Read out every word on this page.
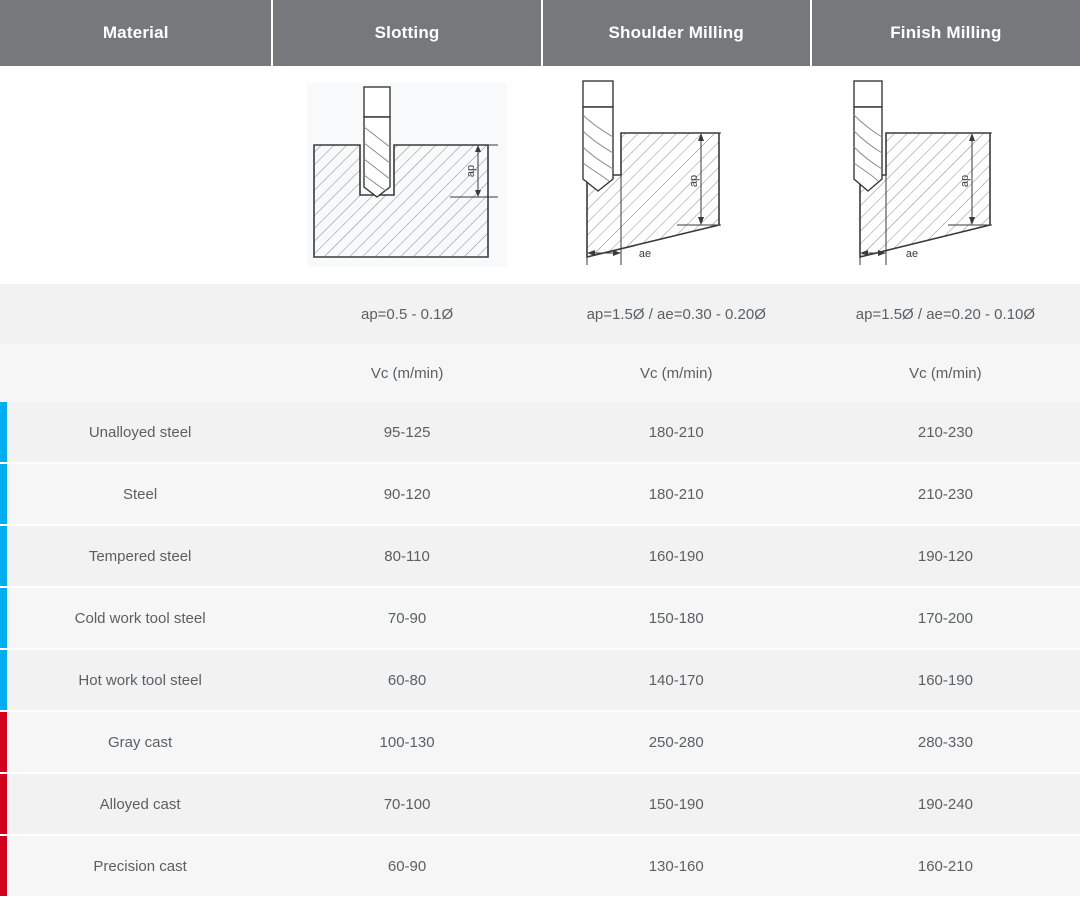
Material		Slotting	Shoulder Milling	Finish Milling

ap	ap
ae	ap
ae

		ap=0.5 - 0.1Ø	ap=1.5Ø / ae=0.30 - 0.20Ø	ap=1.5Ø / ae=0.20 - 0.10Ø
		Vc (m/min)	Vc (m/min)	Vc (m/min)

	Unalloyed steel	95-125	180-210	210-230

	Steel	90-120	180-210	210-230

	Tempered steel	80-110	160-190	190-120

	Cold work tool steel	70-90	150-180	170-200

	Hot work tool steel	60-80	140-170	160-190

	Gray cast	100-130	250-280	280-330

	Alloyed cast	70-100	150-190	190-240

	Precision cast	60-90	130-160	160-210
